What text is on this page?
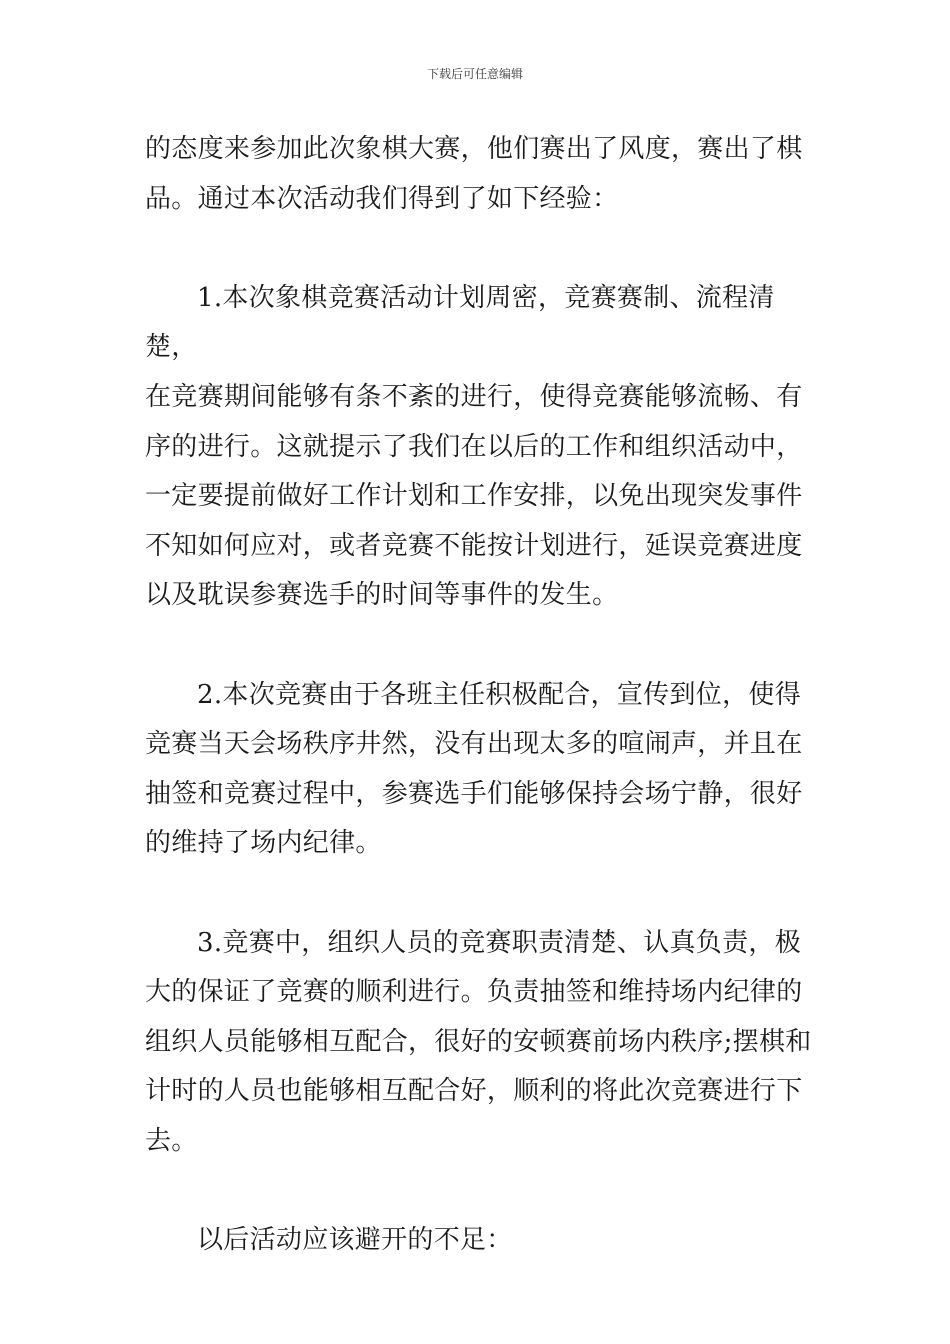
下载后可任意编辑
的态度来参加此次象棋大赛，他们赛出了风度，赛出了棋
品。通过本次活动我们得到了如下经验：
1.本次象棋竞赛活动计划周密，竞赛赛制、流程清楚，
在竞赛期间能够有条不紊的进行，使得竞赛能够流畅、有
序的进行。这就提示了我们在以后的工作和组织活动中，
一定要提前做好工作计划和工作安排，以免出现突发事件
不知如何应对，或者竞赛不能按计划进行，延误竞赛进度
以及耽误参赛选手的时间等事件的发生。
2.本次竞赛由于各班主任积极配合，宣传到位，使得
竞赛当天会场秩序井然，没有出现太多的喧闹声，并且在
抽签和竞赛过程中，参赛选手们能够保持会场宁静，很好
的维持了场内纪律。
3.竞赛中，组织人员的竞赛职责清楚、认真负责，极
大的保证了竞赛的顺利进行。负责抽签和维持场内纪律的
组织人员能够相互配合，很好的安顿赛前场内秩序;摆棋和
计时的人员也能够相互配合好，顺利的将此次竞赛进行下
去。
以后活动应该避开的不足：
